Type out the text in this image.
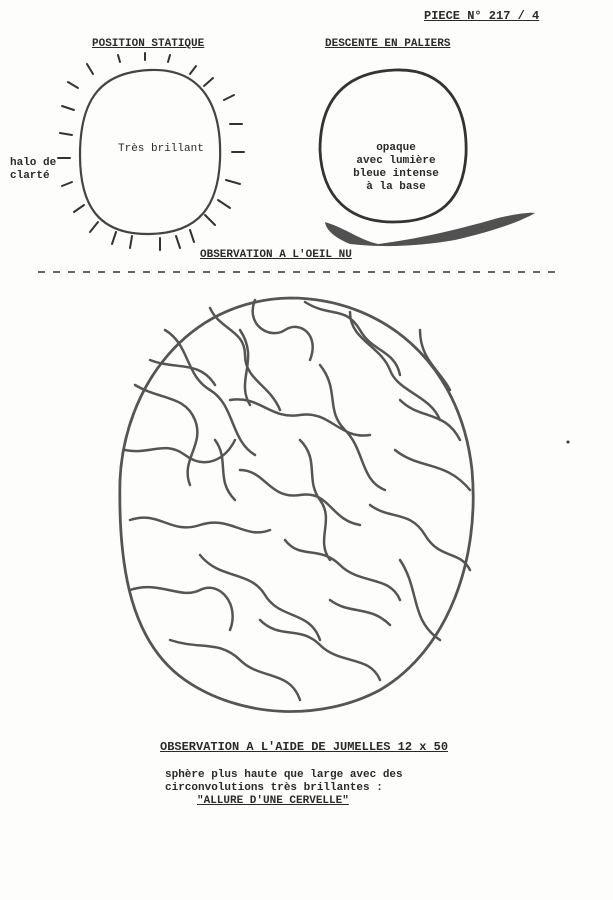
PIECE N° 217 / 4
POSITION STATIQUE	DESCENTE EN PALIERS
Très brillant
halo de
clarté
opaque
avec lumière
bleue intense
à la base
OBSERVATION A L'OEIL NU
OBSERVATION A L'AIDE DE JUMELLES 12 x 50
sphère plus haute que large avec des
circonvolutions très brillantes :
"ALLURE D'UNE CERVELLE"
